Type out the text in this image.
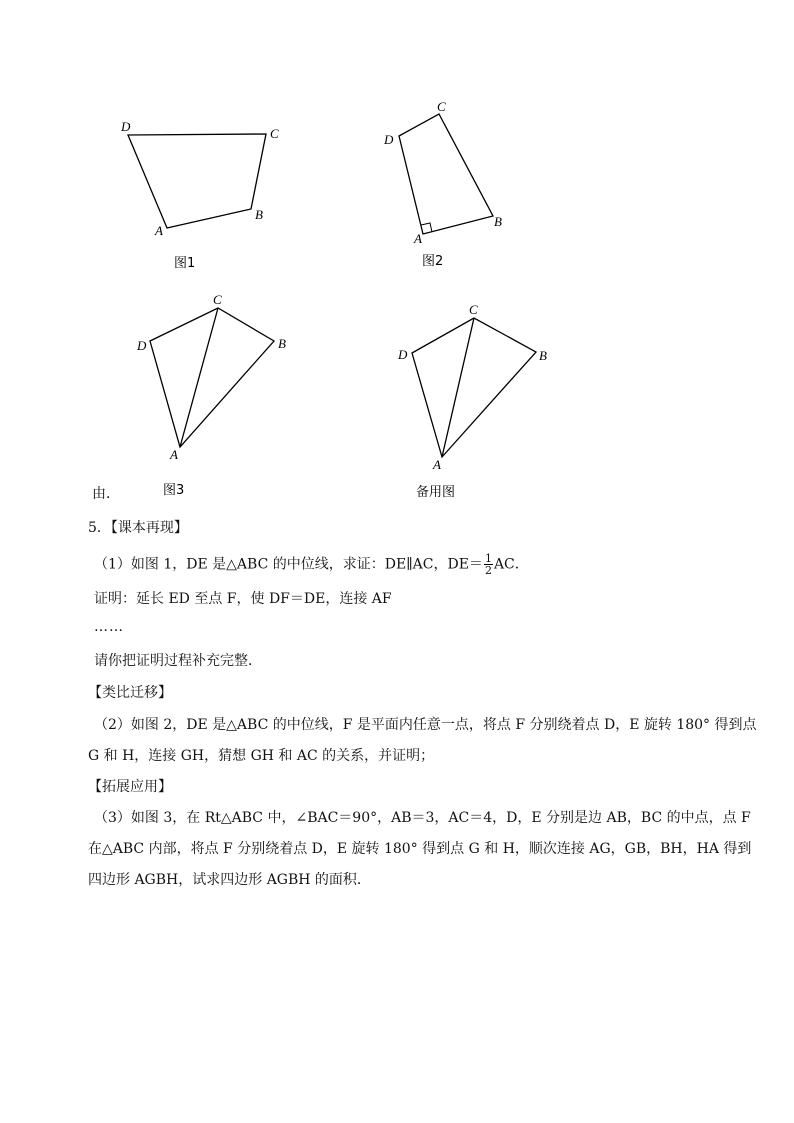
D	C
B
A
图1
C
D
B
A
图2
C
D	B
A
图3
C
D	B
A
备用图
由．
5．【课本再现】
（1）如图 1，DE 是△ABC 的中位线，求证：DE∥AC，$DE= \frac{1}{2}$ AC．
证明：延长 ED 至点 F，使 DF＝DE，连接 AF
……
请你把证明过程补充完整．
【类比迁移】
（2）如图 2，DE 是△ABC 的中位线，F 是平面内任意一点，将点 F 分别绕着点 D，E 旋转 180° 得到点
G 和 H，连接 GH，猜想 GH 和 AC 的关系，并证明；
【拓展应用】
（3）如图 3，在 Rt△ABC 中，∠BAC＝90°，AB＝3，AC＝4，D，E 分别是边 AB，BC 的中点，点 F
在△ABC 内部，将点 F 分别绕着点 D，E 旋转 180° 得到点 G 和 H，顺次连接 AG，GB，BH，HA 得到
四边形 AGBH，试求四边形 AGBH 的面积．
